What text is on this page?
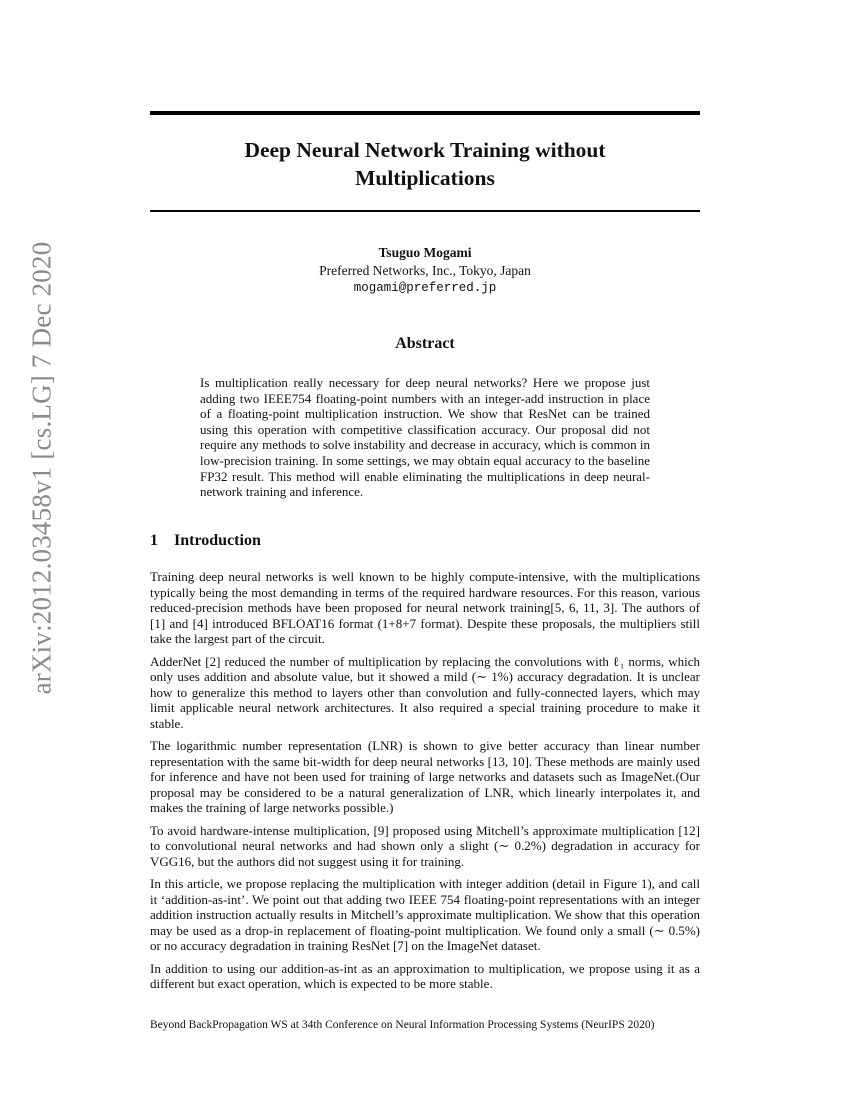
arXiv:2012.03458v1 [cs.LG] 7 Dec 2020
Deep Neural Network Training without
Multiplications
Tsuguo Mogami
Preferred Networks, Inc., Tokyo, Japan
mogami@preferred.jp
Abstract
Is multiplication really necessary for deep neural networks? Here we propose just adding two IEEE754 floating-point numbers with an integer-add instruction in place of a floating-point multiplication instruction. We show that ResNet can be trained using this operation with competitive classification accuracy. Our proposal did not require any methods to solve instability and decrease in accuracy, which is common in low-precision training. In some settings, we may obtain equal accuracy to the baseline FP32 result. This method will enable eliminating the multiplications in deep neural-network training and inference.
1 Introduction

Training deep neural networks is well known to be highly compute-intensive, with the multiplications typically being the most demanding in terms of the required hardware resources. For this reason, various reduced-precision methods have been proposed for neural network training[5, 6, 11, 3]. The authors of [1] and [4] introduced BFLOAT16 format (1+8+7 format). Despite these proposals, the multipliers still take the largest part of the circuit.

AdderNet [2] reduced the number of multiplication by replacing the convolutions with ℓ₁ norms, which only uses addition and absolute value, but it showed a mild (∼ 1%) accuracy degradation. It is unclear how to generalize this method to layers other than convolution and fully-connected layers, which may limit applicable neural network architectures. It also required a special training procedure to make it stable.

The logarithmic number representation (LNR) is shown to give better accuracy than linear number representation with the same bit-width for deep neural networks [13, 10]. These methods are mainly used for inference and have not been used for training of large networks and datasets such as ImageNet.(Our proposal may be considered to be a natural generalization of LNR, which linearly interpolates it, and makes the training of large networks possible.)

To avoid hardware-intense multiplication, [9] proposed using Mitchell’s approximate multiplication [12] to convolutional neural networks and had shown only a slight (∼ 0.2%) degradation in accuracy for VGG16, but the authors did not suggest using it for training.

In this article, we propose replacing the multiplication with integer addition (detail in Figure 1), and call it ‘addition-as-int’. We point out that adding two IEEE 754 floating-point representations with an integer addition instruction actually results in Mitchell’s approximate multiplication. We show that this operation may be used as a drop-in replacement of floating-point multiplication. We found only a small (∼ 0.5%) or no accuracy degradation in training ResNet [7] on the ImageNet dataset.

In addition to using our addition-as-int as an approximation to multiplication, we propose using it as a different but exact operation, which is expected to be more stable.

Beyond BackPropagation WS at 34th Conference on Neural Information Processing Systems (NeurIPS 2020)
